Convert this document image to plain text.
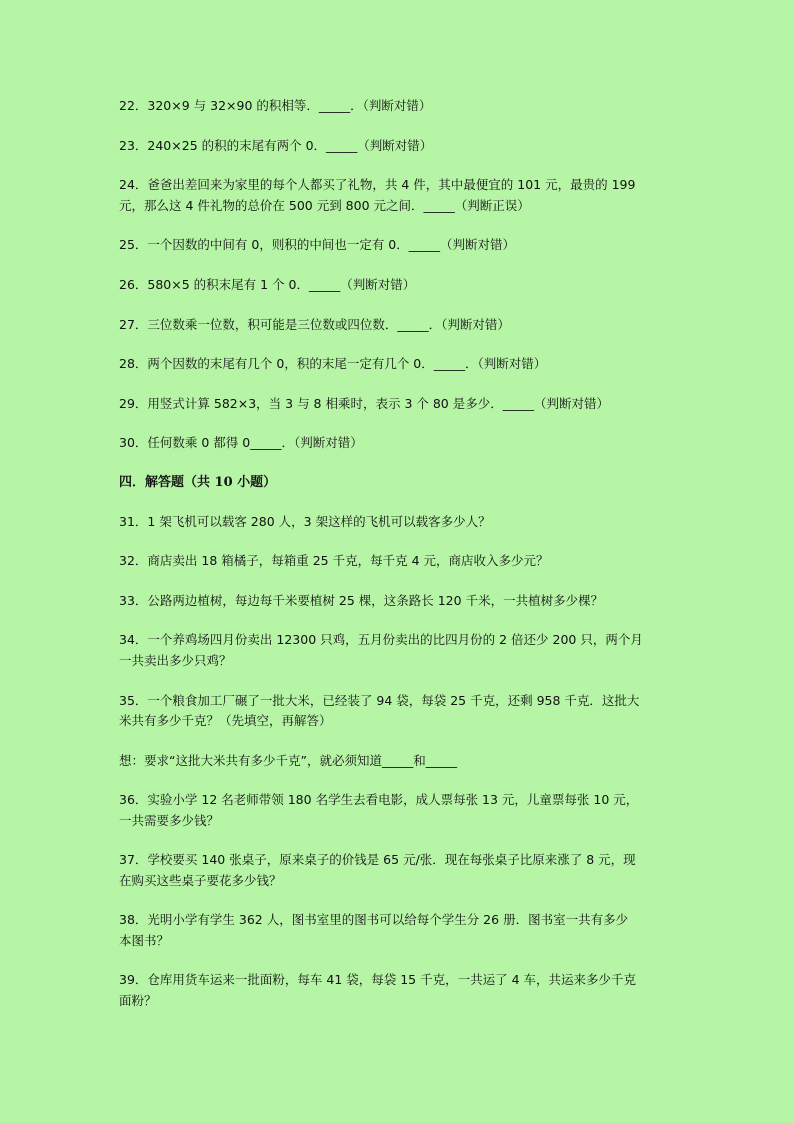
22．320×9 与 32×90 的积相等．_____．（判断对错）
23．240×25 的积的末尾有两个 0．_____（判断对错）
24．爸爸出差回来为家里的每个人都买了礼物，共 4 件，其中最便宜的 101 元，最贵的 199
元，那么这 4 件礼物的总价在 500 元到 800 元之间．_____（判断正误）
25．一个因数的中间有 0，则积的中间也一定有 0．_____（判断对错）
26．580×5 的积末尾有 1 个 0．_____（判断对错）
27．三位数乘一位数，积可能是三位数或四位数．_____．（判断对错）
28．两个因数的末尾有几个 0，积的末尾一定有几个 0．_____．（判断对错）
29．用竖式计算 582×3，当 3 与 8 相乘时，表示 3 个 80 是多少．_____（判断对错）
30．任何数乘 0 都得 0_____．（判断对错）
四．解答题（共 10 小题）
31．1 架飞机可以载客 280 人，3 架这样的飞机可以载客多少人？
32．商店卖出 18 箱橘子，每箱重 25 千克，每千克 4 元，商店收入多少元？
33．公路两边植树，每边每千米要植树 25 棵，这条路长 120 千米，一共植树多少棵？
34．一个养鸡场四月份卖出 12300 只鸡，五月份卖出的比四月份的 2 倍还少 200 只，两个月
一共卖出多少只鸡？
35．一个粮食加工厂碾了一批大米，已经装了 94 袋，每袋 25 千克，还剩 958 千克．这批大
米共有多少千克？（先填空，再解答）
想：要求“这批大米共有多少千克”，就必须知道_____和_____
36．实验小学 12 名老师带领 180 名学生去看电影，成人票每张 13 元，儿童票每张 10 元，
一共需要多少钱？
37．学校要买 140 张桌子，原来桌子的价钱是 65 元/张．现在每张桌子比原来涨了 8 元，现
在购买这些桌子要花多少钱？
38．光明小学有学生 362 人，图书室里的图书可以给每个学生分 26 册．图书室一共有多少
本图书？
39．仓库用货车运来一批面粉，每车 41 袋，每袋 15 千克，一共运了 4 车，共运来多少千克
面粉？
